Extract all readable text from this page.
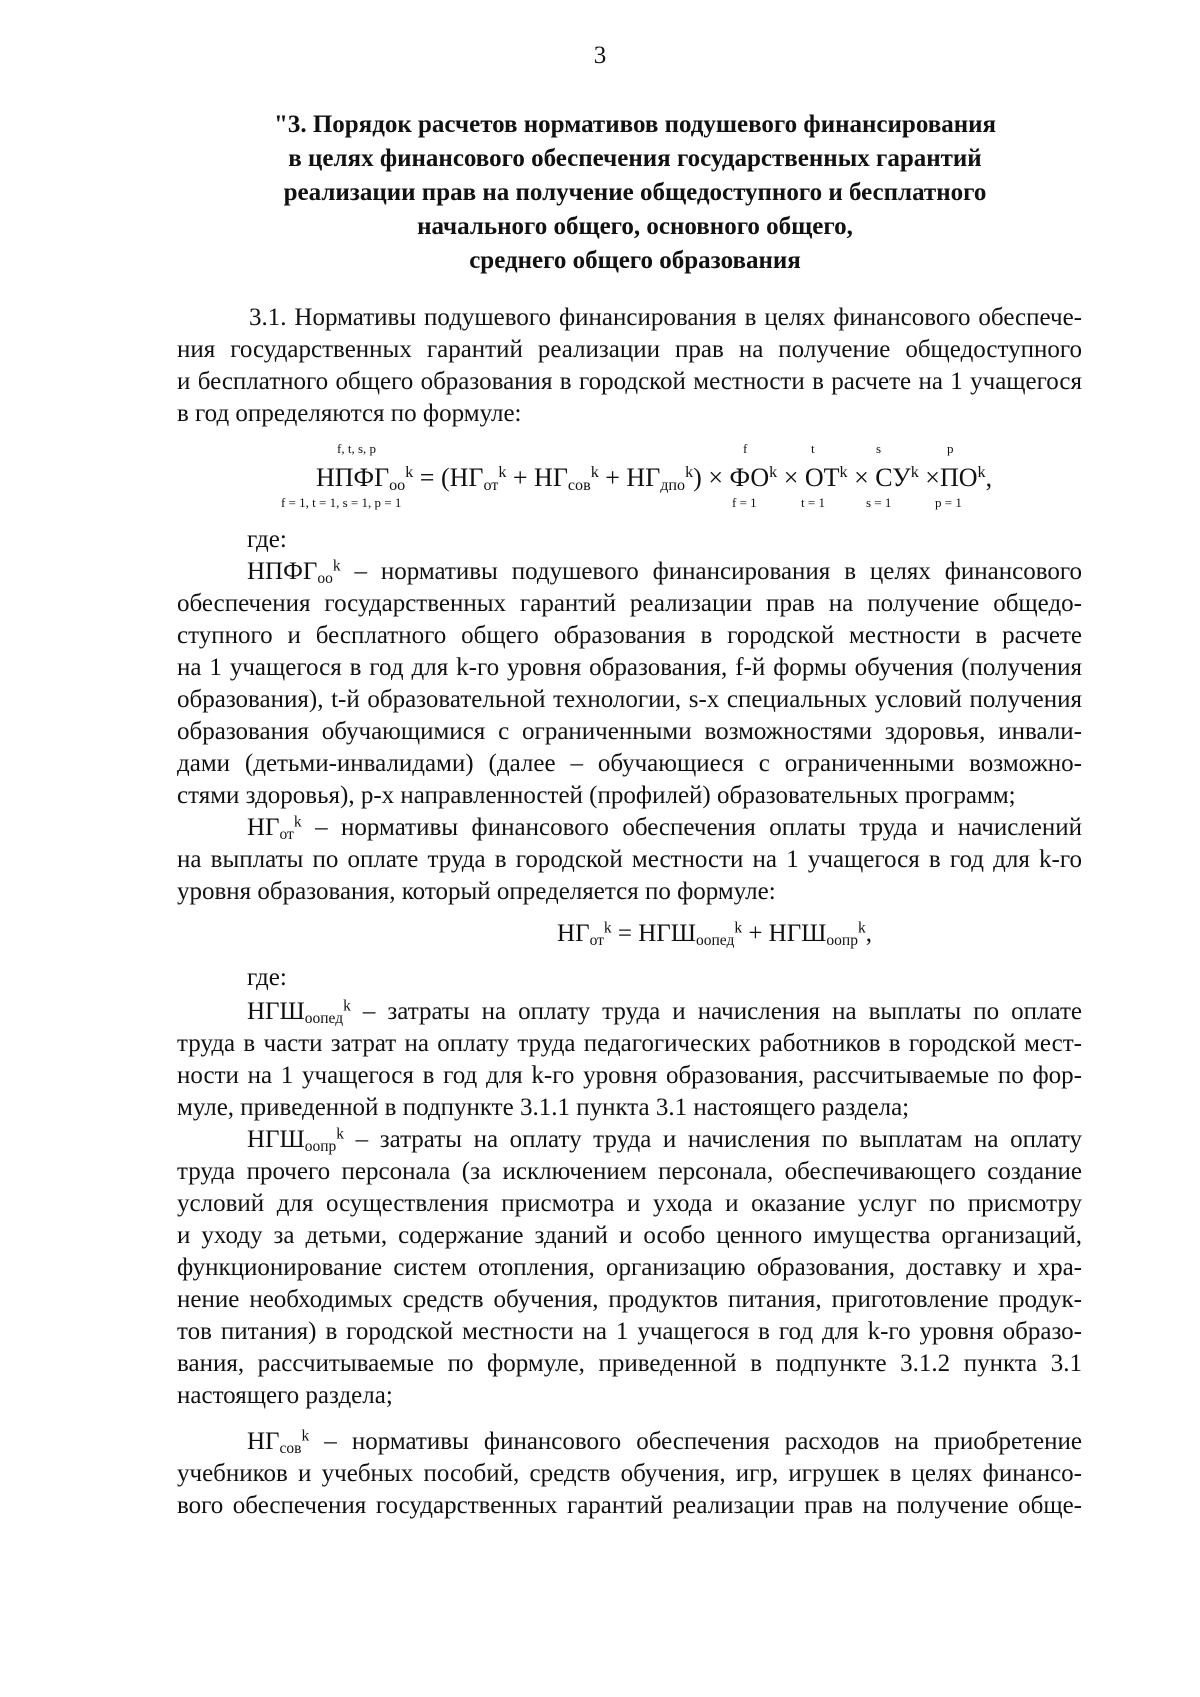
3
"3. Порядок расчетов нормативов подушевого финансирования
в целях финансового обеспечения государственных гарантий
реализации прав на получение общедоступного и бесплатного
начального общего, основного общего,
среднего общего образования
3.1. Нормативы подушевого финансирования в целях финансового обеспече-
ния государственных гарантий реализации прав на получение общедоступного
и бесплатного общего образования в городской местности в расчете на 1 учащегося
в год определяются по формуле:
f, t, s, p
f = 1, t = 1, s = 1, p = 1
f
f = 1
t
t = 1
s
s = 1
p
p = 1
$НПФГ_{оо}^k = (НГ_{от}^k + НГ_{сов}^k + НГ_{дпо}^k) \times ФО^k \times ОТ^k \times СУ^k \times ПО^k$,
где:
$НПФГ_{оо}^k$ – нормативы подушевого финансирования в целях финансового
обеспечения государственных гарантий реализации прав на получение общедо-
ступного и бесплатного общего образования в городской местности в расчете
на 1 учащегося в год для k-го уровня образования, f-й формы обучения (получения
образования), t-й образовательной технологии, s-х специальных условий получения
образования обучающимися с ограниченными возможностями здоровья, инвали-
дами (детьми-инвалидами) (далее – обучающиеся с ограниченными возможно-
стями здоровья), p-х направленностей (профилей) образовательных программ;
$НГ_{от}^k$ – нормативы финансового обеспечения оплаты труда и начислений
на выплаты по оплате труда в городской местности на 1 учащегося в год для k-го
уровня образования, который определяется по формуле:
$НГ_{от}^k = НГШ_{оопед}^k + НГШ_{оопр}^k$,
где:
$НГШ_{оопед}^k$ – затраты на оплату труда и начисления на выплаты по оплате
труда в части затрат на оплату труда педагогических работников в городской мест-
ности на 1 учащегося в год для k-го уровня образования, рассчитываемые по фор-
муле, приведенной в подпункте 3.1.1 пункта 3.1 настоящего раздела;
$НГШ_{оопр}^k$ – затраты на оплату труда и начисления по выплатам на оплату
труда прочего персонала (за исключением персонала, обеспечивающего создание
условий для осуществления присмотра и ухода и оказание услуг по присмотру
и уходу за детьми, содержание зданий и особо ценного имущества организаций,
функционирование систем отопления, организацию образования, доставку и хра-
нение необходимых средств обучения, продуктов питания, приготовление продук-
тов питания) в городской местности на 1 учащегося в год для k-го уровня образо-
вания, рассчитываемые по формуле, приведенной в подпункте 3.1.2 пункта 3.1
настоящего раздела;
$НГ_{сов}^k$ – нормативы финансового обеспечения расходов на приобретение
учебников и учебных пособий, средств обучения, игр, игрушек в целях финансо-
вого обеспечения государственных гарантий реализации прав на получение обще-
